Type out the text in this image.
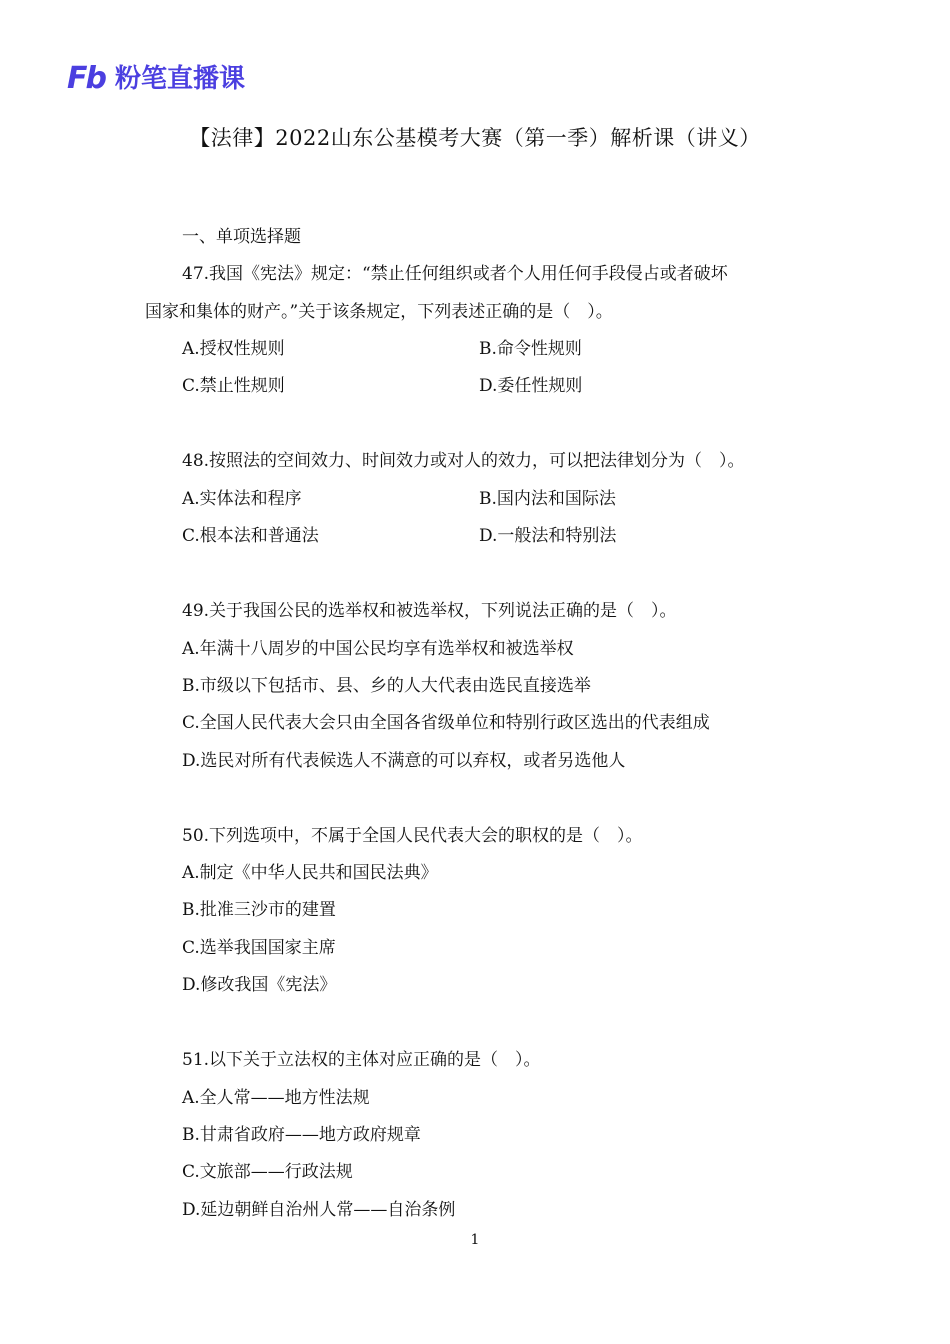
Fb 粉笔直播课
【法律】2022山东公基模考大赛（第一季）解析课（讲义）
一、单项选择题
47.我国《宪法》规定：“禁止任何组织或者个人用任何手段侵占或者破坏
国家和集体的财产。”关于该条规定，下列表述正确的是（　）。
A.授权性规则	B.命令性规则
C.禁止性规则	D.委任性规则
48.按照法的空间效力、时间效力或对人的效力，可以把法律划分为（　）。
A.实体法和程序	B.国内法和国际法
C.根本法和普通法	D.一般法和特别法
49.关于我国公民的选举权和被选举权，下列说法正确的是（　）。
A.年满十八周岁的中国公民均享有选举权和被选举权
B.市级以下包括市、县、乡的人大代表由选民直接选举
C.全国人民代表大会只由全国各省级单位和特别行政区选出的代表组成
D.选民对所有代表候选人不满意的可以弃权，或者另选他人
50.下列选项中，不属于全国人民代表大会的职权的是（　）。
A.制定《中华人民共和国民法典》
B.批准三沙市的建置
C.选举我国国家主席
D.修改我国《宪法》
51.以下关于立法权的主体对应正确的是（　）。
A.全人常——地方性法规
B.甘肃省政府——地方政府规章
C.文旅部——行政法规
D.延边朝鲜自治州人常——自治条例
1
